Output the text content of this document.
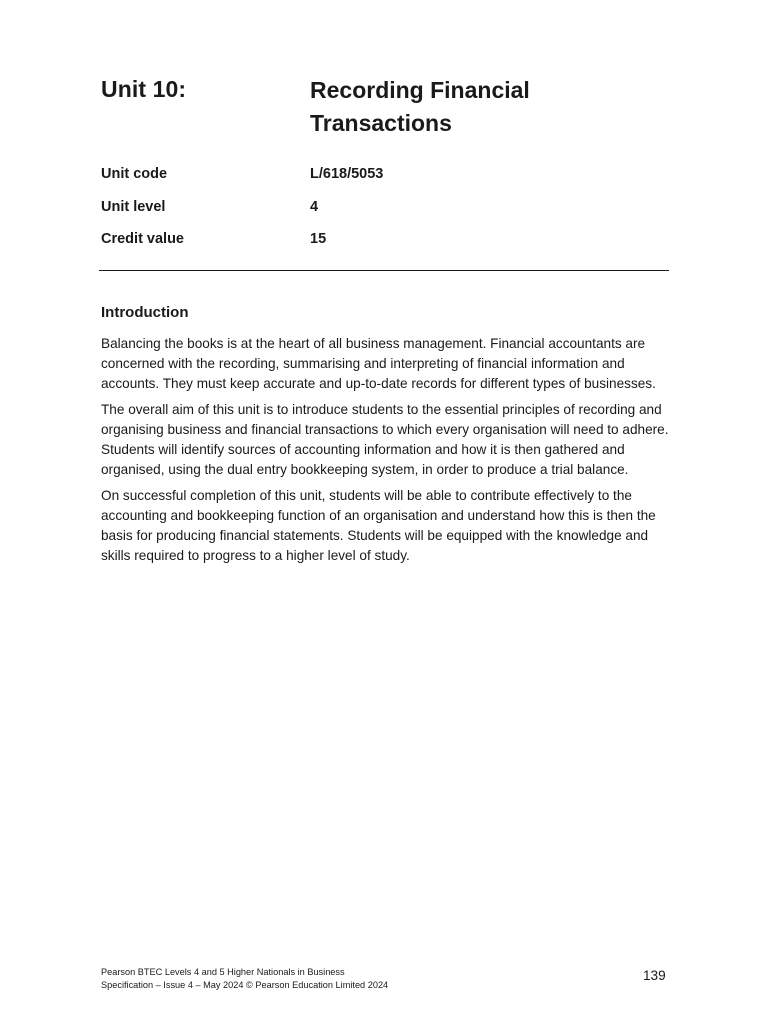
Unit 10:	Recording Financial Transactions
Unit code	L/618/5053
Unit level	4
Credit value	15
Introduction

Balancing the books is at the heart of all business management. Financial accountants are concerned with the recording, summarising and interpreting of financial information and accounts. They must keep accurate and up-to-date records for different types of businesses.

The overall aim of this unit is to introduce students to the essential principles of recording and organising business and financial transactions to which every organisation will need to adhere. Students will identify sources of accounting information and how it is then gathered and organised, using the dual entry bookkeeping system, in order to produce a trial balance.

On successful completion of this unit, students will be able to contribute effectively to the accounting and bookkeeping function of an organisation and understand how this is then the basis for producing financial statements. Students will be equipped with the knowledge and skills required to progress to a higher level of study.

Pearson BTEC Levels 4 and 5 Higher Nationals in Business
Specification – Issue 4 – May 2024 © Pearson Education Limited 2024
139
